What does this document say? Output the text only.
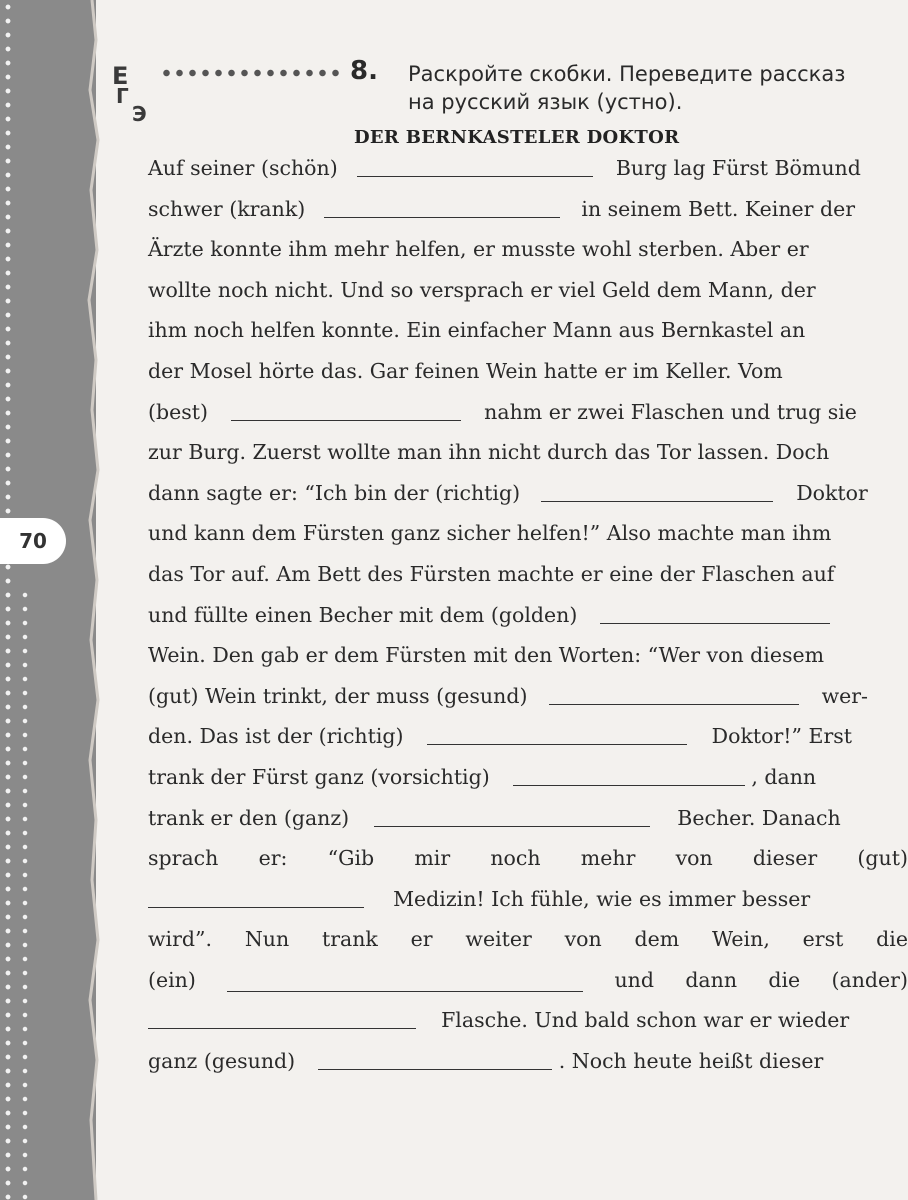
70
Е
Г
Э
8. Раскройте скобки. Переведите рассказ
на русский язык (устно).
DER BERNKASTELER DOKTOR
Auf seiner (schön)	Burg lag Fürst Bömund
schwer (krank)	in seinem Bett. Keiner der
Ärzte konnte ihm mehr helfen, er musste wohl sterben. Aber er
wollte noch nicht. Und so versprach er viel Geld dem Mann, der
ihm noch helfen konnte. Ein einfacher Mann aus Bernkastel an
der Mosel hörte das. Gar feinen Wein hatte er im Keller. Vom
(best)	nahm er zwei Flaschen und trug sie
zur Burg. Zuerst wollte man ihn nicht durch das Tor lassen. Doch
dann sagte er: “Ich bin der (richtig)	Doktor
und kann dem Fürsten ganz sicher helfen!” Also machte man ihm
das Tor auf. Am Bett des Fürsten machte er eine der Flaschen auf
und füllte einen Becher mit dem (golden)
Wein. Den gab er dem Fürsten mit den Worten: “Wer von diesem
(gut) Wein trinkt, der muss (gesund)	wer-
den. Das ist der (richtig)	Doktor!” Erst
trank der Fürst ganz (vorsichtig)	, dann
trank er den (ganz)	Becher. Danach
sprach er: “Gib mir noch mehr von dieser (gut)
Medizin! Ich fühle, wie es immer besser
wird”. Nun trank er weiter von dem Wein, erst die
(ein)	und dann die (ander)
Flasche. Und bald schon war er wieder
ganz (gesund)	. Noch heute heißt dieser
